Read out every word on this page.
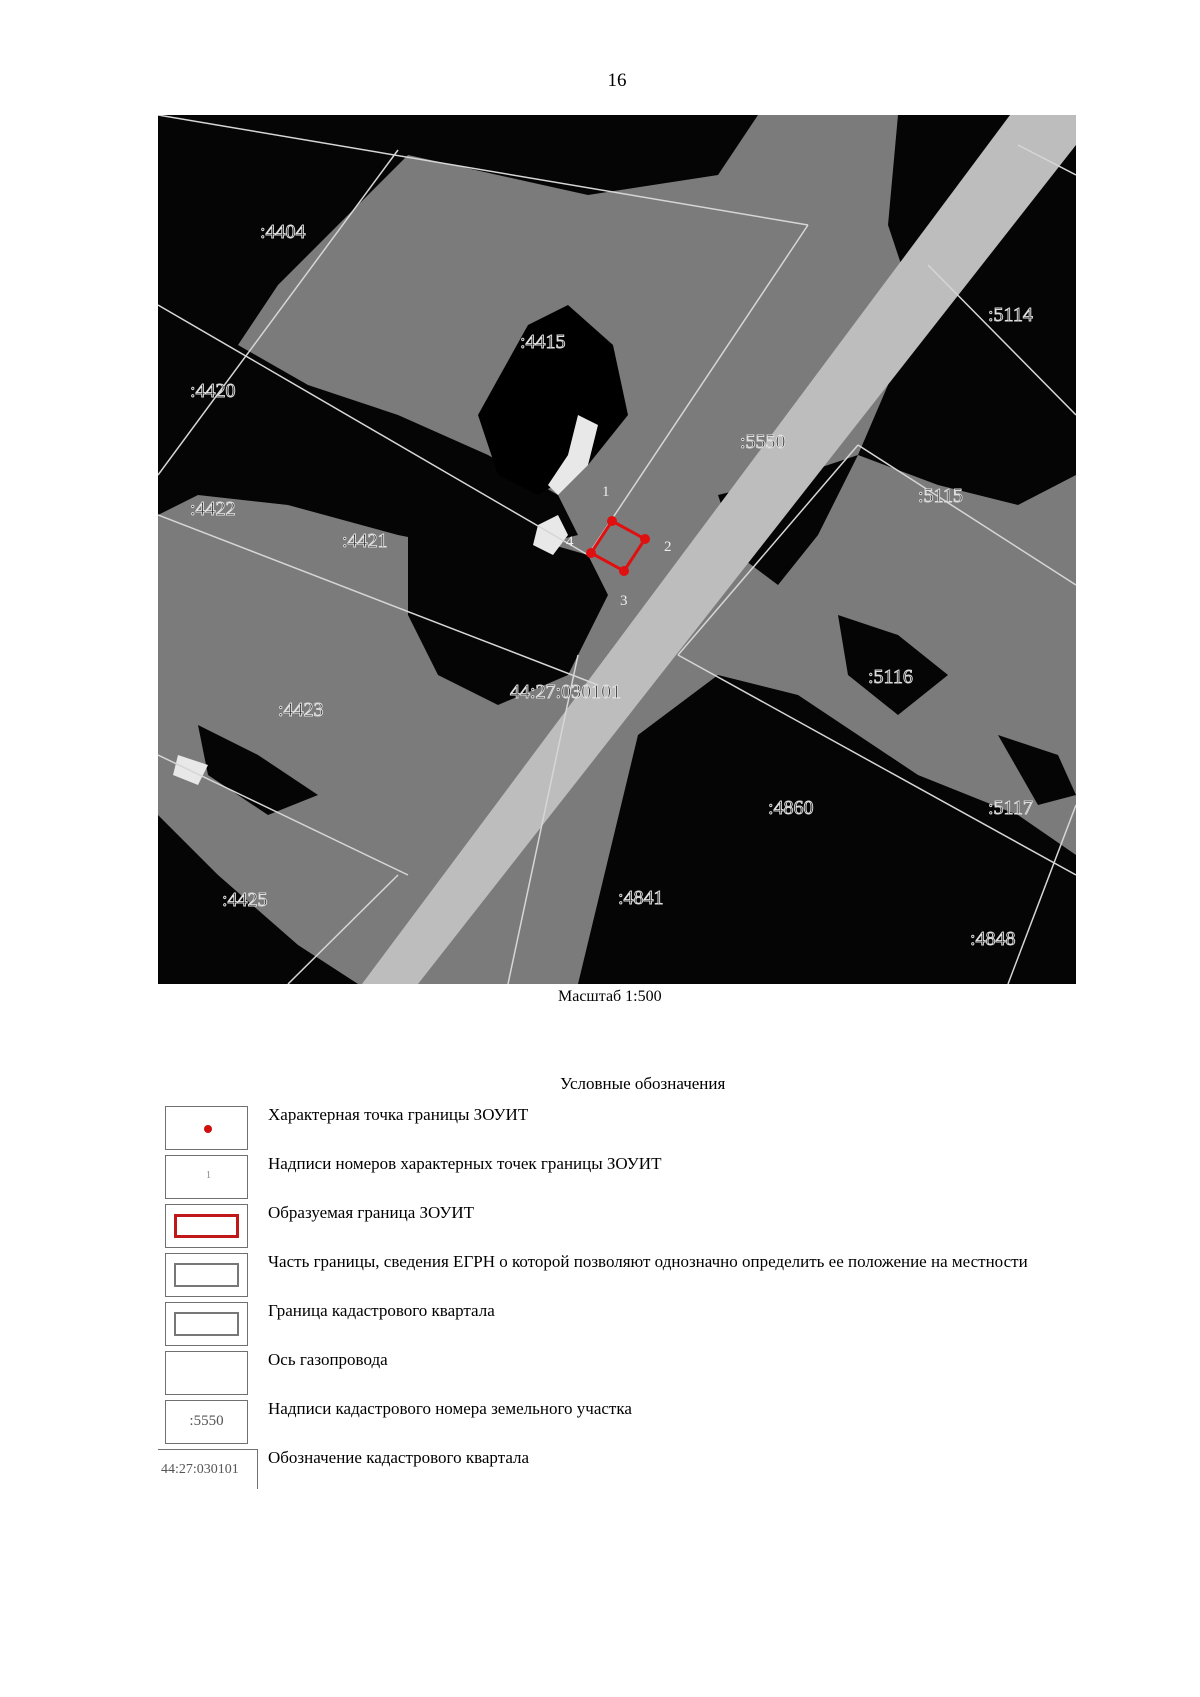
16
:4404
:4415
:4420
:4422
:4421
:4423
:4425
:5114
:5550
:5115
:5116
:4860	:5117
:4841
:4848
44:27:030101
1
2
3
4
Масштаб 1:500
Условные обозначения
Характерная точка границы ЗОУИТ
1
Надписи номеров характерных точек границы ЗОУИТ
Образуемая граница ЗОУИТ
Часть границы, сведения ЕГРН о которой позволяют однозначно определить ее положение на местности
Граница кадастрового квартала
Ось газопровода
:5550
Надписи кадастрового номера земельного участка
44:27:030101
Обозначение кадастрового квартала
